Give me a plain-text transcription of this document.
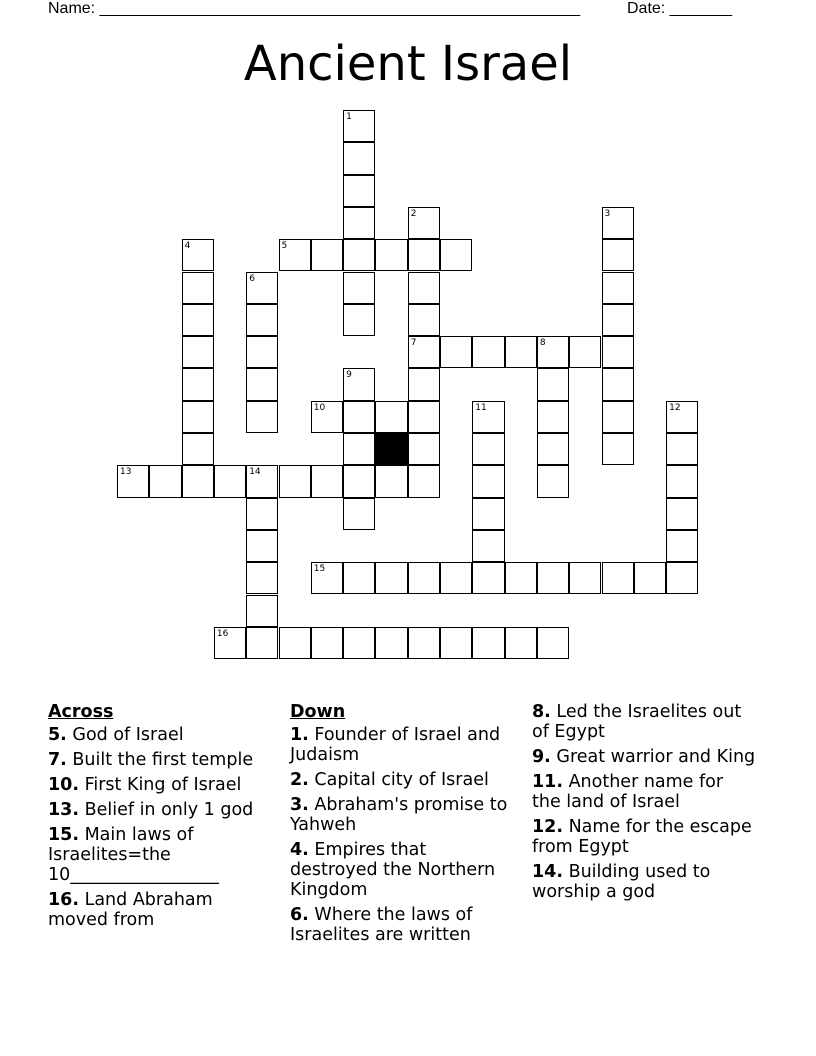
Name: ______________________________________________________	Date: _______
Ancient Israel
1
2	3
4	5
6
7	8
9
10	11	12
13	14
15
16
Across
5. God of Israel
7. Built the first temple
10. First King of Israel
13. Belief in only 1 god
15. Main laws of Israelites=the 10_________________
16. Land Abraham moved from
Down
1. Founder of Israel and Judaism
2. Capital city of Israel
3. Abraham's promise to Yahweh
4. Empires that destroyed the Northern Kingdom
6. Where the laws of Israelites are written
8. Led the Israelites out of Egypt
9. Great warrior and King
11. Another name for the land of Israel
12. Name for the escape from Egypt
14. Building used to worship a god
